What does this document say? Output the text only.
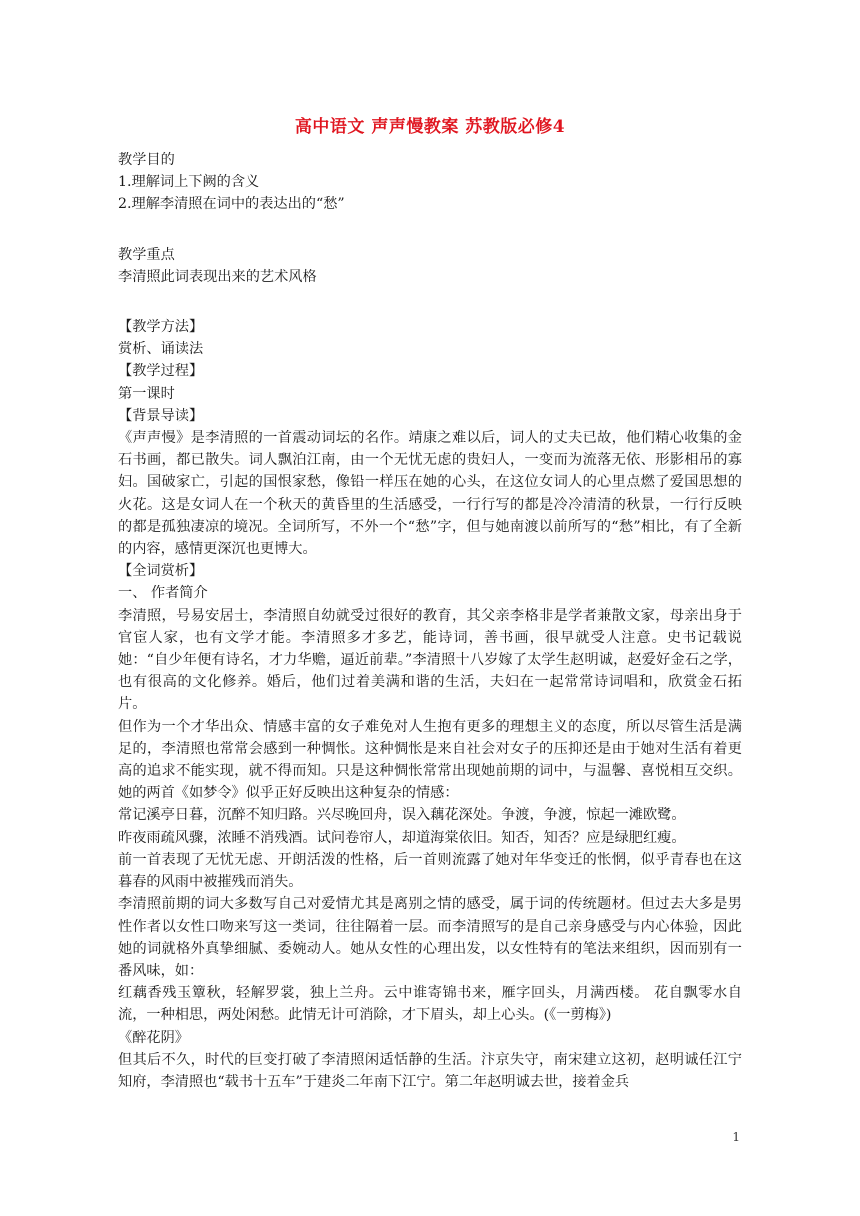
高中语文 声声慢教案 苏教版必修4

教学目的

1.理解词上下阙的含义

2.理解李清照在词中的表达出的“愁”

教学重点

李清照此词表现出来的艺术风格

【教学方法】

赏析、诵读法

【教学过程】

第一课时

【背景导读】

《声声慢》是李清照的一首震动词坛的名作。靖康之难以后，词人的丈夫已故，他们精心收集的金石书画，都已散失。词人飘泊江南，由一个无忧无虑的贵妇人，一变而为流落无依、形影相吊的寡妇。国破家亡，引起的国恨家愁，像铅一样压在她的心头，在这位女词人的心里点燃了爱国思想的火花。这是女词人在一个秋天的黄昏里的生活感受，一行行写的都是冷冷清清的秋景，一行行反映的都是孤独凄凉的境况。全词所写，不外一个“愁”字，但与她南渡以前所写的“愁”相比，有了全新的内容，感情更深沉也更博大。

【全词赏析】

一、 作者简介

李清照，号易安居士，李清照自幼就受过很好的教育，其父亲李格非是学者兼散文家，母亲出身于官宦人家，也有文学才能。李清照多才多艺，能诗词，善书画，很早就受人注意。史书记载说她：“自少年便有诗名，才力华赡，逼近前辈。”李清照十八岁嫁了太学生赵明诚，赵爱好金石之学，也有很高的文化修养。婚后，他们过着美满和谐的生活，夫妇在一起常常诗词唱和，欣赏金石拓片。

但作为一个才华出众、情感丰富的女子难免对人生抱有更多的理想主义的态度，所以尽管生活是满足的，李清照也常常会感到一种惆怅。这种惆怅是来自社会对女子的压抑还是由于她对生活有着更高的追求不能实现，就不得而知。只是这种惆怅常常出现她前期的词中，与温馨、喜悦相互交织。她的两首《如梦令》似乎正好反映出这种复杂的情感：

常记溪亭日暮，沉醉不知归路。兴尽晚回舟，误入藕花深处。争渡，争渡，惊起一滩欧鹭。

昨夜雨疏风骤，浓睡不消残酒。试问卷帘人，却道海棠依旧。知否，知否？应是绿肥红瘦。

前一首表现了无忧无虑、开朗活泼的性格，后一首则流露了她对年华变迁的怅惘，似乎青春也在这暮春的风雨中被摧残而消失。

李清照前期的词大多数写自己对爱情尤其是离别之情的感受，属于词的传统题材。但过去大多是男性作者以女性口吻来写这一类词，往往隔着一层。而李清照写的是自己亲身感受与内心体验，因此她的词就格外真挚细腻、委婉动人。她从女性的心理出发，以女性特有的笔法来组织，因而别有一番风味，如：

红藕香残玉簟秋，轻解罗裳，独上兰舟。云中谁寄锦书来，雁字回头，月满西楼。 花自飘零水自流，一种相思，两处闲愁。此情无计可消除，才下眉头，却上心头。(《一剪梅》)

《醉花阴》

但其后不久，时代的巨变打破了李清照闲适恬静的生活。汴京失守，南宋建立这初，赵明诚任江宁知府，李清照也“载书十五车”于建炎二年南下江宁。第二年赵明诚去世，接着金兵

1
